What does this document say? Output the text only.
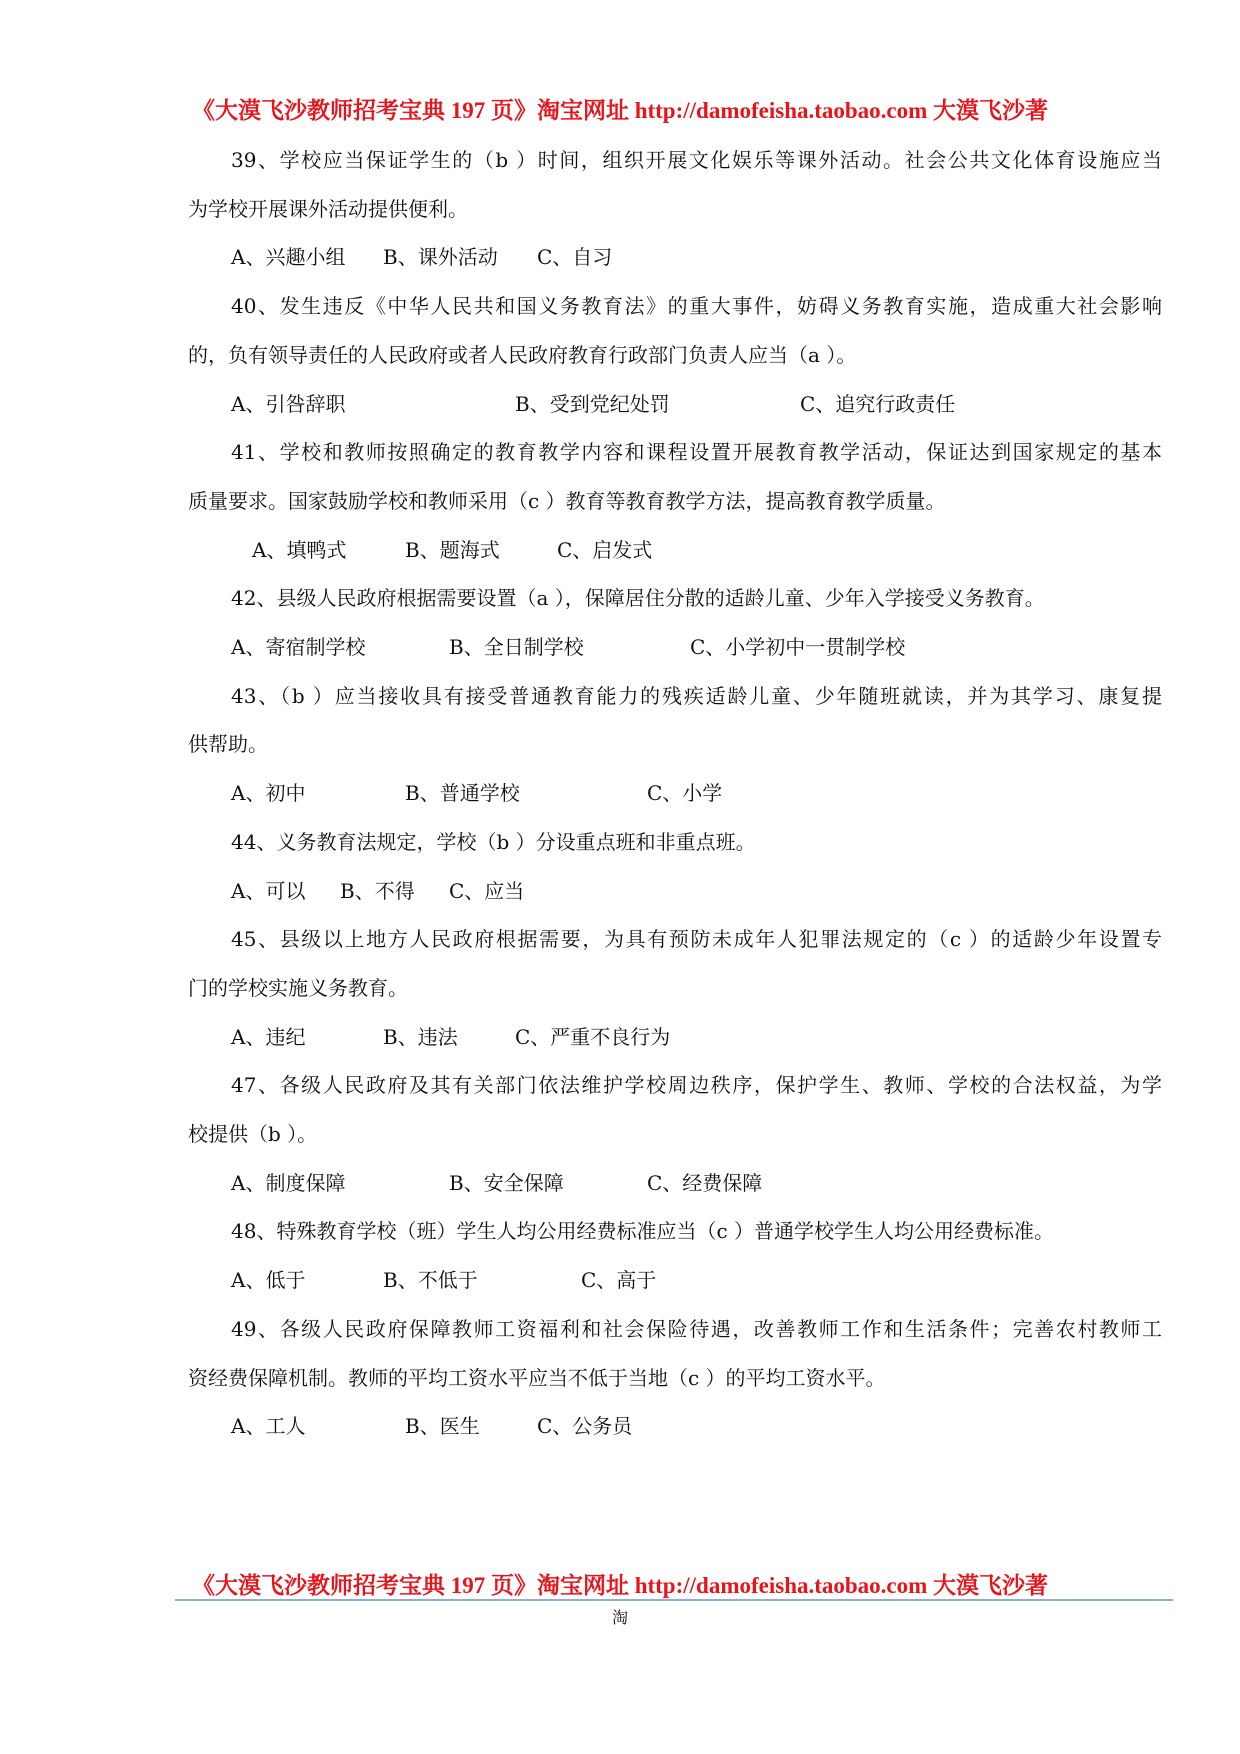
《大漠飞沙教师招考宝典 197 页》淘宝网址 http://damofeisha.taobao.com 大漠飞沙著
39、学校应当保证学生的（b ）时间，组织开展文化娱乐等课外活动。社会公共文化体育设施应当
为学校开展课外活动提供便利。
A、兴趣小组 B、课外活动 C、自习
40、发生违反《中华人民共和国义务教育法》的重大事件，妨碍义务教育实施，造成重大社会影响
的，负有领导责任的人民政府或者人民政府教育行政部门负责人应当（a ）。
A、引咎辞职	B、受到党纪处罚	C、追究行政责任
41、学校和教师按照确定的教育教学内容和课程设置开展教育教学活动，保证达到国家规定的基本
质量要求。国家鼓励学校和教师采用（c ）教育等教育教学方法，提高教育教学质量。
A、填鸭式	B、题海式	C、启发式
42、县级人民政府根据需要设置（a ），保障居住分散的适龄儿童、少年入学接受义务教育。
A、寄宿制学校	B、全日制学校	C、小学初中一贯制学校
43、（b ）应当接收具有接受普通教育能力的残疾适龄儿童、少年随班就读，并为其学习、康复提
供帮助。
A、初中	B、普通学校	C、小学
44、义务教育法规定，学校（b ）分设重点班和非重点班。
A、可以 B、不得 C、应当
45、县级以上地方人民政府根据需要，为具有预防未成年人犯罪法规定的（c ）的适龄少年设置专
门的学校实施义务教育。
A、违纪	B、违法	C、严重不良行为
47、各级人民政府及其有关部门依法维护学校周边秩序，保护学生、教师、学校的合法权益，为学
校提供（b ）。
A、制度保障	B、安全保障	C、经费保障
48、特殊教育学校（班）学生人均公用经费标准应当（c ）普通学校学生人均公用经费标准。
A、低于	B、不低于	C、高于
49、各级人民政府保障教师工资福利和社会保险待遇，改善教师工作和生活条件；完善农村教师工
资经费保障机制。教师的平均工资水平应当不低于当地（c ）的平均工资水平。
A、工人	B、医生	C、公务员
《大漠飞沙教师招考宝典 197 页》淘宝网址 http://damofeisha.taobao.com 大漠飞沙著
淘
